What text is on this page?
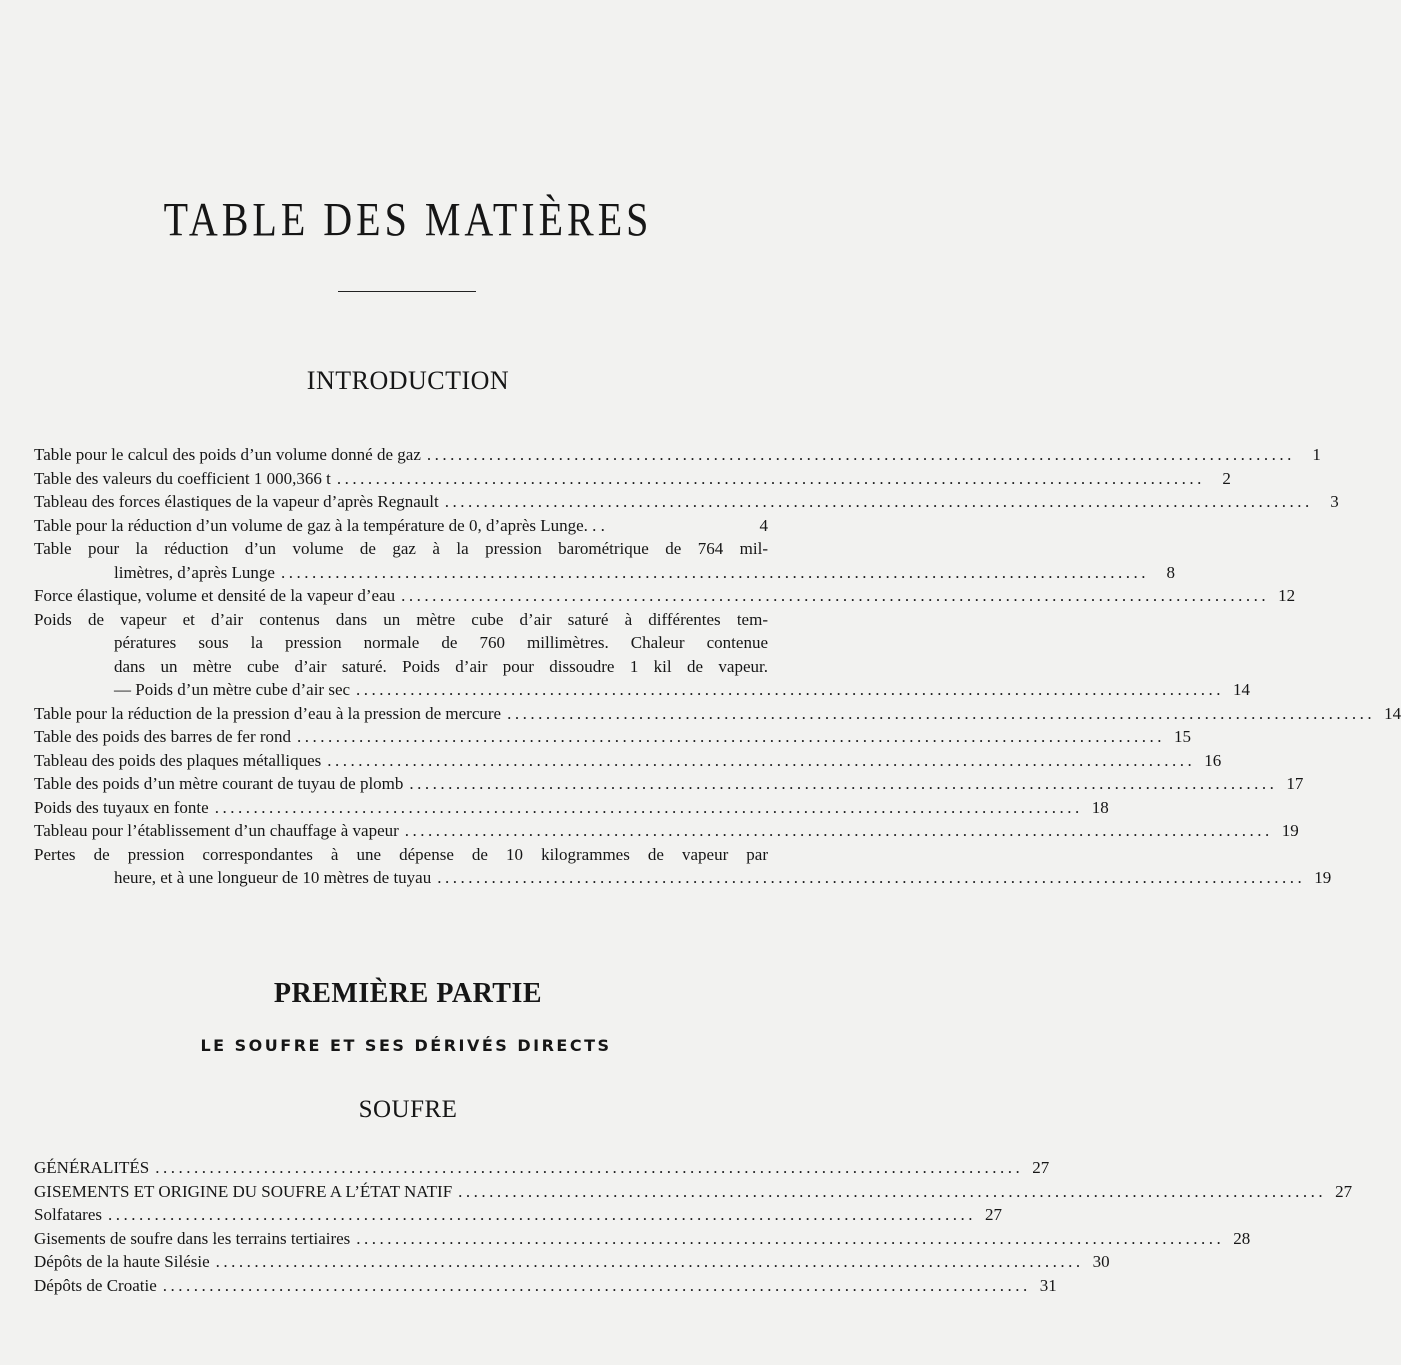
TABLE DES MATIÈRES
INTRODUCTION
Table pour le calcul des poids d’un volume donné de gaz ................................................................................................................	1
Table des valeurs du coefficient 1 000,366 t ................................................................................................................	2
Tableau des forces élastiques de la vapeur d’après Regnault ................................................................................................................	3
Table pour la réduction d’un volume de gaz à la température de 0, d’après Lunge. . .	4
Table pour la réduction d’un volume de gaz à la pression barométrique de 764 mil-
limètres, d’après Lunge ................................................................................................................	8
Force élastique, volume et densité de la vapeur d’eau ................................................................................................................ 12
Poids de vapeur et d’air contenus dans un mètre cube d’air saturé à différentes tem-
pératures sous la pression normale de 760 millimètres. Chaleur contenue
dans un mètre cube d’air saturé. Poids d’air pour dissoudre 1 kil de vapeur.
— Poids d’un mètre cube d’air sec ................................................................................................................ 14
Table pour la réduction de la pression d’eau à la pression de mercure ................................................................................................................ 14
Table des poids des barres de fer rond ................................................................................................................ 15
Tableau des poids des plaques métalliques ................................................................................................................ 16
Table des poids d’un mètre courant de tuyau de plomb ................................................................................................................ 17
Poids des tuyaux en fonte ................................................................................................................ 18
Tableau pour l’établissement d’un chauffage à vapeur ................................................................................................................ 19
Pertes de pression correspondantes à une dépense de 10 kilogrammes de vapeur par
heure, et à une longueur de 10 mètres de tuyau ................................................................................................................ 19
PREMIÈRE PARTIE
LE SOUFRE ET SES DÉRIVÉS DIRECTS
SOUFRE
GÉNÉRALITÉS ................................................................................................................ 27
GISEMENTS ET ORIGINE DU SOUFRE A L’ÉTAT NATIF ................................................................................................................ 27
Solfatares ................................................................................................................ 27
Gisements de soufre dans les terrains tertiaires ................................................................................................................ 28
Dépôts de la haute Silésie ................................................................................................................ 30
Dépôts de Croatie ................................................................................................................ 31
